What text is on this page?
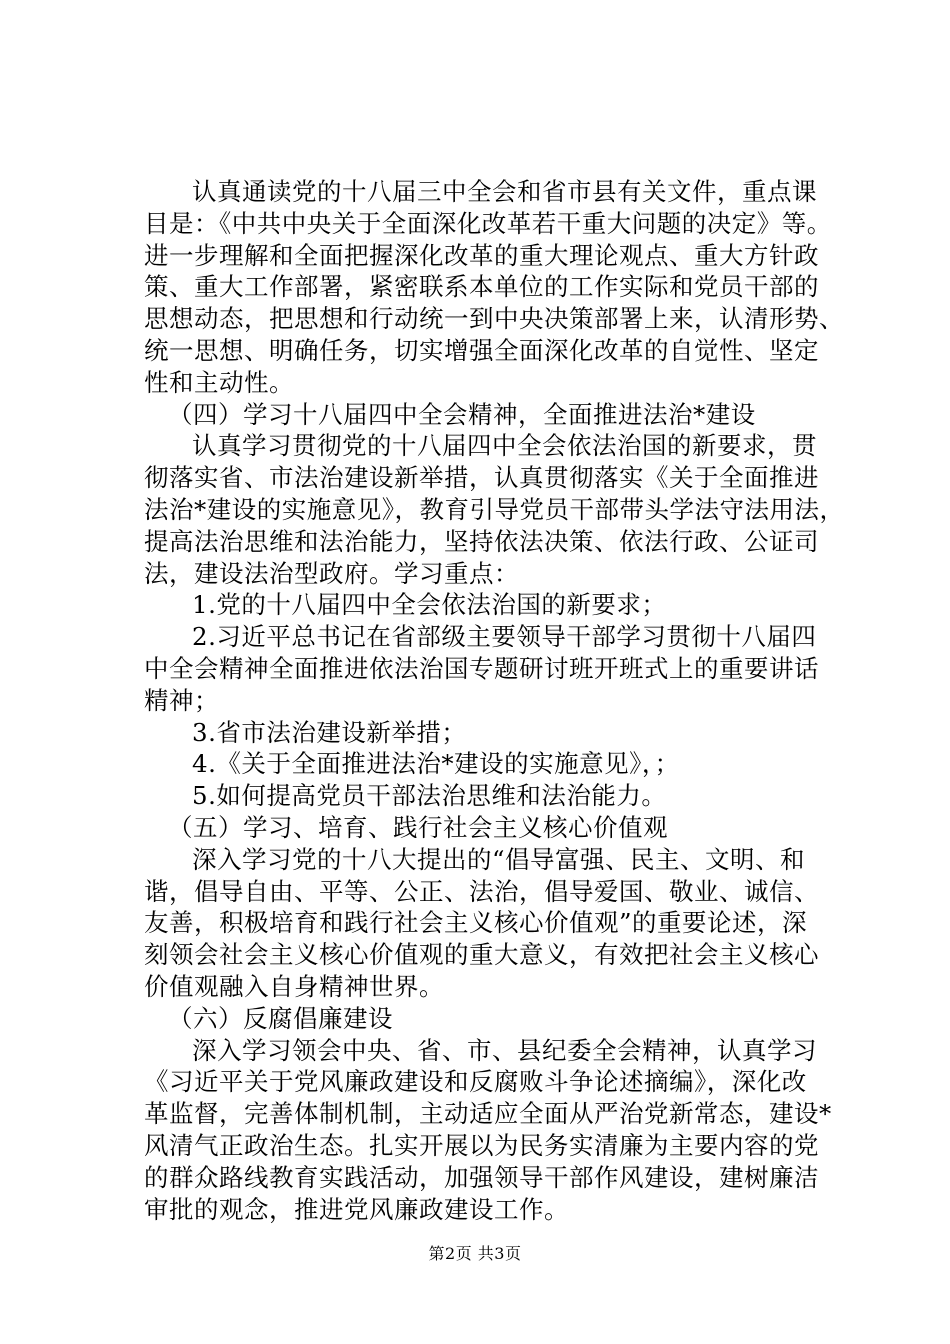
认真通读党的十八届三中全会和省市县有关文件，重点课
目是：《中共中央关于全面深化改革若干重大问题的决定》等。
进一步理解和全面把握深化改革的重大理论观点、重大方针政
策、重大工作部署，紧密联系本单位的工作实际和党员干部的
思想动态，把思想和行动统一到中央决策部署上来，认清形势、
统一思想、明确任务，切实增强全面深化改革的自觉性、坚定
性和主动性。
（四）学习十八届四中全会精神，全面推进法治*建设
认真学习贯彻党的十八届四中全会依法治国的新要求，贯
彻落实省、市法治建设新举措，认真贯彻落实《关于全面推进
法治*建设的实施意见》，教育引导党员干部带头学法守法用法，
提高法治思维和法治能力，坚持依法决策、依法行政、公证司
法，建设法治型政府。学习重点：
1.党的十八届四中全会依法治国的新要求；
2.习近平总书记在省部级主要领导干部学习贯彻十八届四
中全会精神全面推进依法治国专题研讨班开班式上的重要讲话
精神；
3.省市法治建设新举措；
4.《关于全面推进法治*建设的实施意见》，；
5.如何提高党员干部法治思维和法治能力。
（五）学习、培育、践行社会主义核心价值观
深入学习党的十八大提出的“倡导富强、民主、文明、和
谐，倡导自由、平等、公正、法治，倡导爱国、敬业、诚信、
友善，积极培育和践行社会主义核心价值观”的重要论述，深
刻领会社会主义核心价值观的重大意义，有效把社会主义核心
价值观融入自身精神世界。
（六）反腐倡廉建设
深入学习领会中央、省、市、县纪委全会精神，认真学习
《习近平关于党风廉政建设和反腐败斗争论述摘编》，深化改
革监督，完善体制机制，主动适应全面从严治党新常态，建设*
风清气正政治生态。扎实开展以为民务实清廉为主要内容的党
的群众路线教育实践活动，加强领导干部作风建设，建树廉洁
审批的观念，推进党风廉政建设工作。
第2页 共3页
